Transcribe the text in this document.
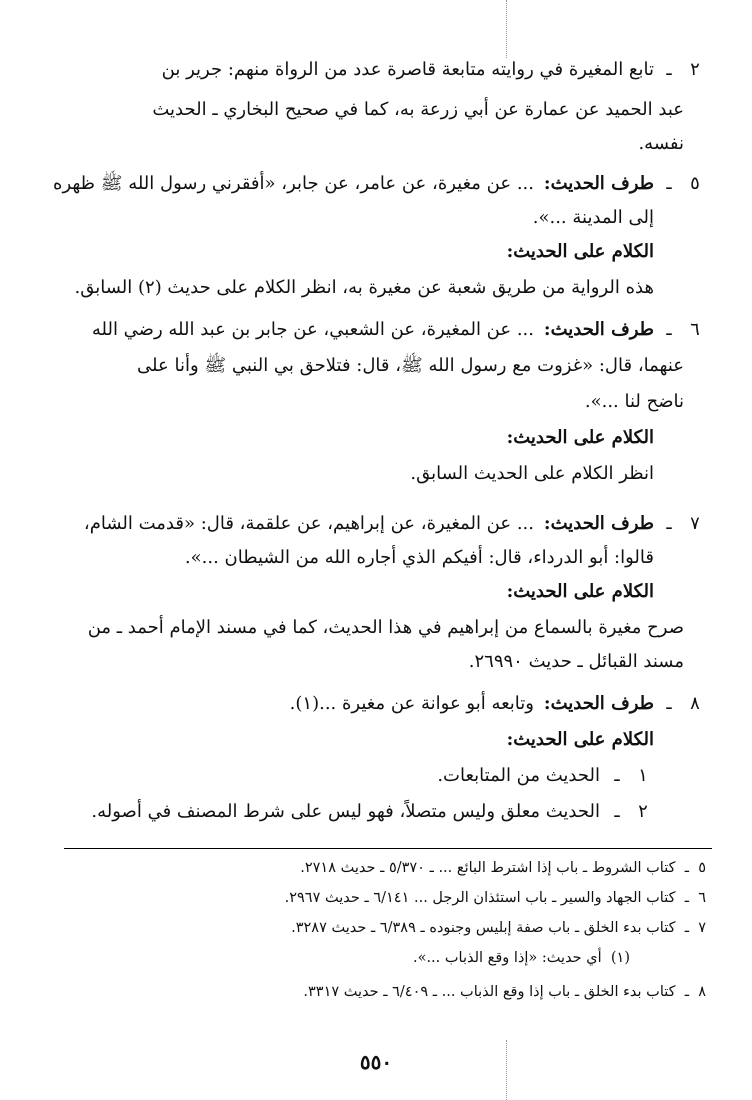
٢
ـ
تابع المغيرة في روايته متابعة قاصرة عدد من الرواة منهم: جرير بن
عبد الحميد عن عمارة عن أبي زرعة به، كما في صحيح البخاري ـ الحديث
نفسه.
٥
ـ
طرف الحديث:
... عن مغيرة، عن عامر، عن جابر، «أفقرني رسول الله ﷺ ظهره
إلى المدينة ...».
الكلام على الحديث:
هذه الرواية من طريق شعبة عن مغيرة به، انظر الكلام على حديث (٢) السابق.
٦
ـ
طرف الحديث:
... عن المغيرة، عن الشعبي، عن جابر بن عبد الله رضي الله
عنهما، قال: «غزوت مع رسول الله ﷺ، قال: فتلاحق بي النبي ﷺ وأنا على
ناضح لنا ...».
الكلام على الحديث:
انظر الكلام على الحديث السابق.
٧
ـ
طرف الحديث:
... عن المغيرة، عن إبراهيم، عن علقمة، قال: «قدمت الشام،
قالوا: أبو الدرداء، قال: أفيكم الذي أجاره الله من الشيطان ...».
الكلام على الحديث:
صرح مغيرة بالسماع من إبراهيم في هذا الحديث، كما في مسند الإمام أحمد ـ من
مسند القبائل ـ حديث ٢٦٩٩٠.
٨
ـ
طرف الحديث:
وتابعه أبو عوانة عن مغيرة ...(١).
الكلام على الحديث:
١
ـ
الحديث من المتابعات.
٢
ـ
الحديث معلق وليس متصلاً، فهو ليس على شرط المصنف في أصوله.
٥  ـ  كتاب الشروط ـ باب إذا اشترط البائع ... ـ ٥/٣٧٠ ـ حديث ٢٧١٨.
٦  ـ  كتاب الجهاد والسير ـ باب استئذان الرجل ... ٦/١٤١ ـ حديث ٢٩٦٧.
٧  ـ  كتاب بدء الخلق ـ باب صفة إبليس وجنوده ـ ٦/٣٨٩ ـ حديث ٣٢٨٧.
(١)  أي حديث: «إذا وقع الذباب ...».
٨  ـ  كتاب بدء الخلق ـ باب إذا وقع الذباب ... ـ ٦/٤٠٩ ـ حديث ٣٣١٧.
٥٥٠
